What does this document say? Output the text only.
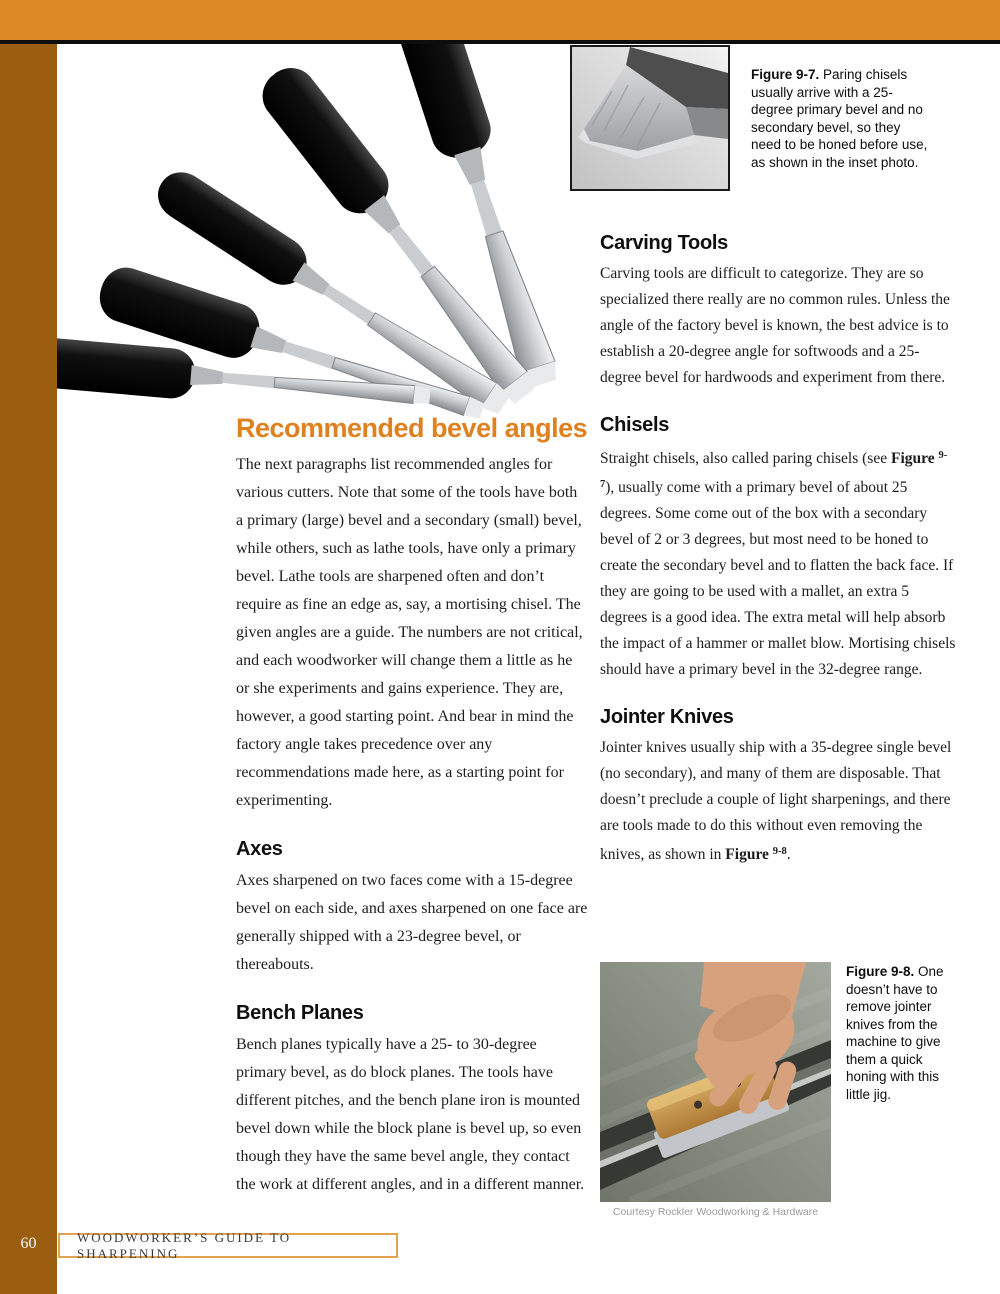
Figure 9-7. Paring chisels usually arrive with a 25-degree primary bevel and no secondary bevel, so they need to be honed before use, as shown in the inset photo.
Carving Tools

Carving tools are difficult to categorize. They are so specialized there really are no common rules. Unless the angle of the factory bevel is known, the best advice is to establish a 20-degree angle for softwoods and a 25-degree bevel for hardwoods and experiment from there.

Chisels

Straight chisels, also called paring chisels (see Figure $^{9-7}$), usually come with a primary bevel of about 25 degrees. Some come out of the box with a secondary bevel of 2 or 3 degrees, but most need to be honed to create the secondary bevel and to flatten the back face. If they are going to be used with a mallet, an extra 5 degrees is a good idea. The extra metal will help absorb the impact of a hammer or mallet blow. Mortising chisels should have a primary bevel in the 32-degree range.

Jointer Knives

Jointer knives usually ship with a 35-degree single bevel (no secondary), and many of them are disposable. That doesn’t preclude a couple of light sharpenings, and there are tools made to do this without even removing the knives, as shown in Figure $^{9-8}$.

Recommended bevel angles

The next paragraphs list recommended angles for various cutters. Note that some of the tools have both a primary (large) bevel and a secondary (small) bevel, while others, such as lathe tools, have only a primary bevel. Lathe tools are sharpened often and don’t require as fine an edge as, say, a mortising chisel. The given angles are a guide. The numbers are not critical, and each woodworker will change them a little as he or she experiments and gains experience. They are, however, a good starting point. And bear in mind the factory angle takes precedence over any recommendations made here, as a starting point for experimenting.

Axes

Axes sharpened on two faces come with a 15-degree bevel on each side, and axes sharpened on one face are generally shipped with a 23-degree bevel, or thereabouts.

Bench Planes

Bench planes typically have a 25- to 30-degree primary bevel, as do block planes. The tools have different pitches, and the bench plane iron is mounted bevel down while the block plane is bevel up, so even though they have the same bevel angle, they contact the work at different angles, and in a different manner.

Figure 9-8. One doesn’t have to remove jointer knives from the machine to give them a quick honing with this little jig.
Courtesy Rockler Woodworking & Hardware
60	WOODWORKER’S GUIDE TO SHARPENING
